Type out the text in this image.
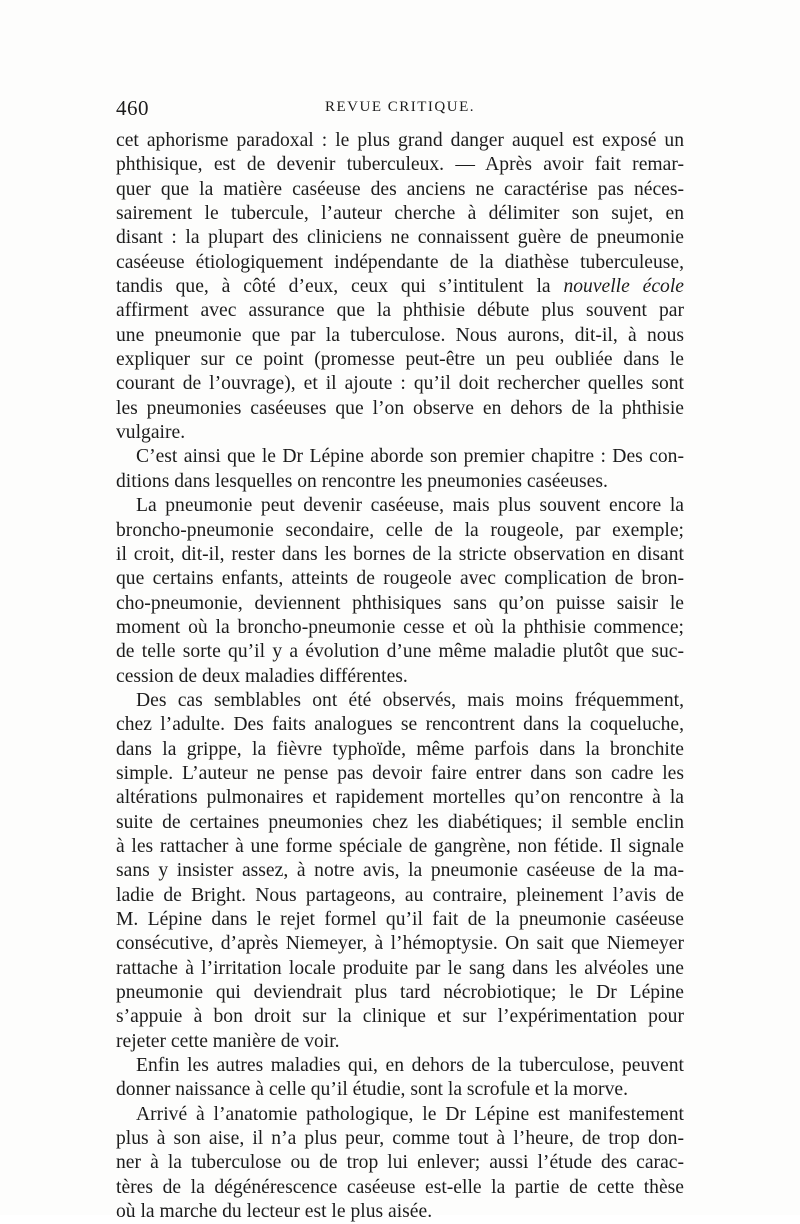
460	REVUE CRITIQUE.
cet aphorisme paradoxal : le plus grand danger auquel est exposé un
phthisique, est de devenir tuberculeux. — Après avoir fait remar-
quer que la matière caséeuse des anciens ne caractérise pas néces-
sairement le tubercule, l’auteur cherche à délimiter son sujet, en
disant : la plupart des cliniciens ne connaissent guère de pneumonie
caséeuse étiologiquement indépendante de la diathèse tuberculeuse,
tandis que, à côté d’eux, ceux qui s’intitulent la nouvelle école
affirment avec assurance que la phthisie débute plus souvent par
une pneumonie que par la tuberculose. Nous aurons, dit-il, à nous
expliquer sur ce point (promesse peut-être un peu oubliée dans le
courant de l’ouvrage), et il ajoute : qu’il doit rechercher quelles sont
les pneumonies caséeuses que l’on observe en dehors de la phthisie
vulgaire.
C’est ainsi que le Dr Lépine aborde son premier chapitre : Des con-
ditions dans lesquelles on rencontre les pneumonies caséeuses.
La pneumonie peut devenir caséeuse, mais plus souvent encore la
broncho-pneumonie secondaire, celle de la rougeole, par exemple;
il croit, dit-il, rester dans les bornes de la stricte observation en disant
que certains enfants, atteints de rougeole avec complication de bron-
cho-pneumonie, deviennent phthisiques sans qu’on puisse saisir le
moment où la broncho-pneumonie cesse et où la phthisie commence;
de telle sorte qu’il y a évolution d’une même maladie plutôt que suc-
cession de deux maladies différentes.
Des cas semblables ont été observés, mais moins fréquemment,
chez l’adulte. Des faits analogues se rencontrent dans la coqueluche,
dans la grippe, la fièvre typhoïde, même parfois dans la bronchite
simple. L’auteur ne pense pas devoir faire entrer dans son cadre les
altérations pulmonaires et rapidement mortelles qu’on rencontre à la
suite de certaines pneumonies chez les diabétiques; il semble enclin
à les rattacher à une forme spéciale de gangrène, non fétide. Il signale
sans y insister assez, à notre avis, la pneumonie caséeuse de la ma-
ladie de Bright. Nous partageons, au contraire, pleinement l’avis de
M. Lépine dans le rejet formel qu’il fait de la pneumonie caséeuse
consécutive, d’après Niemeyer, à l’hémoptysie. On sait que Niemeyer
rattache à l’irritation locale produite par le sang dans les alvéoles une
pneumonie qui deviendrait plus tard nécrobiotique; le Dr Lépine
s’appuie à bon droit sur la clinique et sur l’expérimentation pour
rejeter cette manière de voir.
Enfin les autres maladies qui, en dehors de la tuberculose, peuvent
donner naissance à celle qu’il étudie, sont la scrofule et la morve.
Arrivé à l’anatomie pathologique, le Dr Lépine est manifestement
plus à son aise, il n’a plus peur, comme tout à l’heure, de trop don-
ner à la tuberculose ou de trop lui enlever; aussi l’étude des carac-
tères de la dégénérescence caséeuse est-elle la partie de cette thèse
où la marche du lecteur est le plus aisée.
